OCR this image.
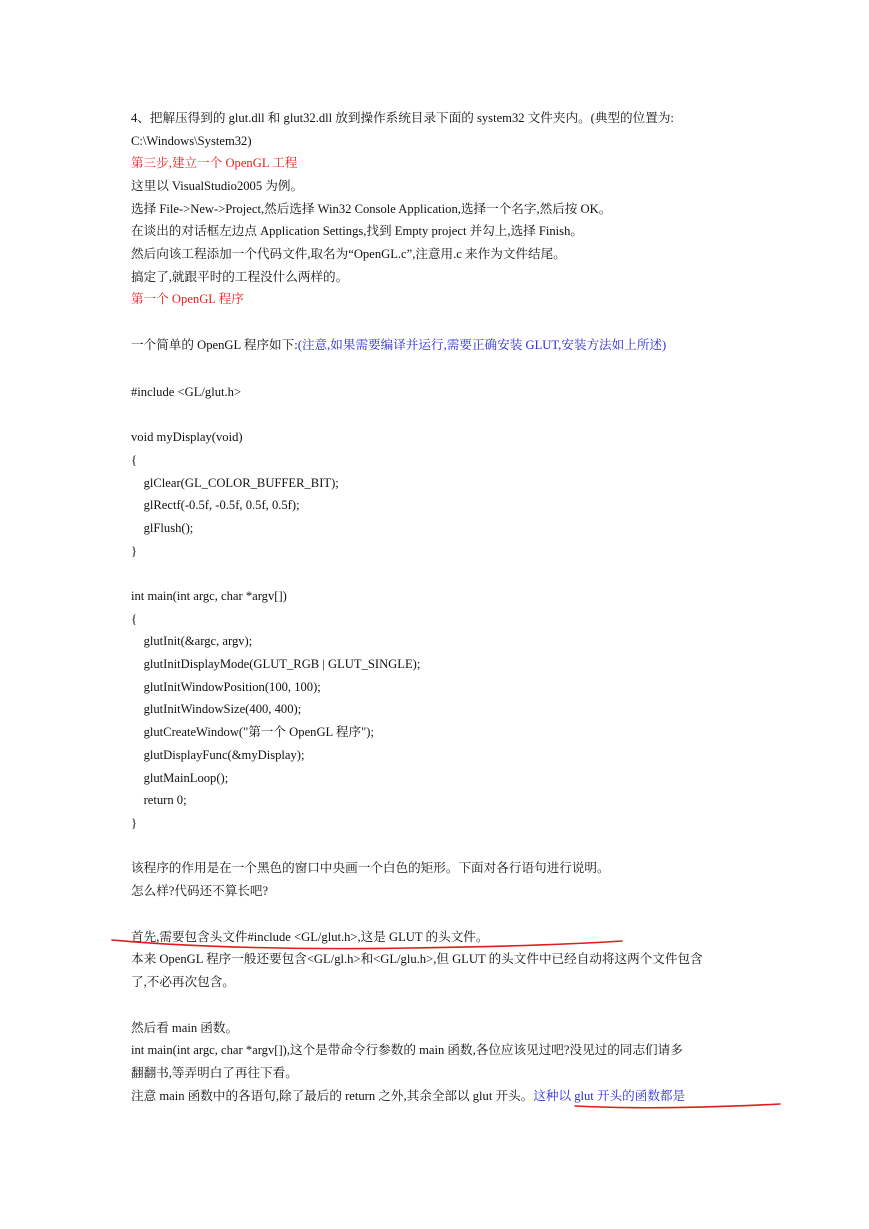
4、把解压得到的 glut.dll 和 glut32.dll 放到操作系统目录下面的 system32 文件夹内。(典型的位置为:
C:\Windows\System32)
第三步,建立一个 OpenGL 工程
这里以 VisualStudio2005 为例。
选择 File->New->Project,然后选择 Win32 Console Application,选择一个名字,然后按 OK。
在谈出的对话框左边点 Application Settings,找到 Empty project 并勾上,选择 Finish。
然后向该工程添加一个代码文件,取名为“OpenGL.c”,注意用.c 来作为文件结尾。
搞定了,就跟平时的工程没什么两样的。
第一个 OpenGL 程序
一个简单的 OpenGL 程序如下:(注意,如果需要编译并运行,需要正确安装 GLUT,安装方法如上所述)
#include <GL/glut.h>
void myDisplay(void)
{
glClear(GL_COLOR_BUFFER_BIT);
glRectf(-0.5f, -0.5f, 0.5f, 0.5f);
glFlush();
}
int main(int argc, char *argv[])
{
glutInit(&argc, argv);
glutInitDisplayMode(GLUT_RGB | GLUT_SINGLE);
glutInitWindowPosition(100, 100);
glutInitWindowSize(400, 400);
glutCreateWindow("第一个 OpenGL 程序");
glutDisplayFunc(&myDisplay);
glutMainLoop();
return 0;
}
该程序的作用是在一个黑色的窗口中央画一个白色的矩形。下面对各行语句进行说明。
怎么样?代码还不算长吧?
首先,需要包含头文件#include <GL/glut.h>,这是 GLUT 的头文件。
本来 OpenGL 程序一般还要包含<GL/gl.h>和<GL/glu.h>,但 GLUT 的头文件中已经自动将这两个文件包含
了,不必再次包含。
然后看 main 函数。
int main(int argc, char *argv[]),这个是带命令行参数的 main 函数,各位应该见过吧?没见过的同志们请多
翻翻书,等弄明白了再往下看。
注意 main 函数中的各语句,除了最后的 return 之外,其余全部以 glut 开头。这种以 glut 开头的函数都是
